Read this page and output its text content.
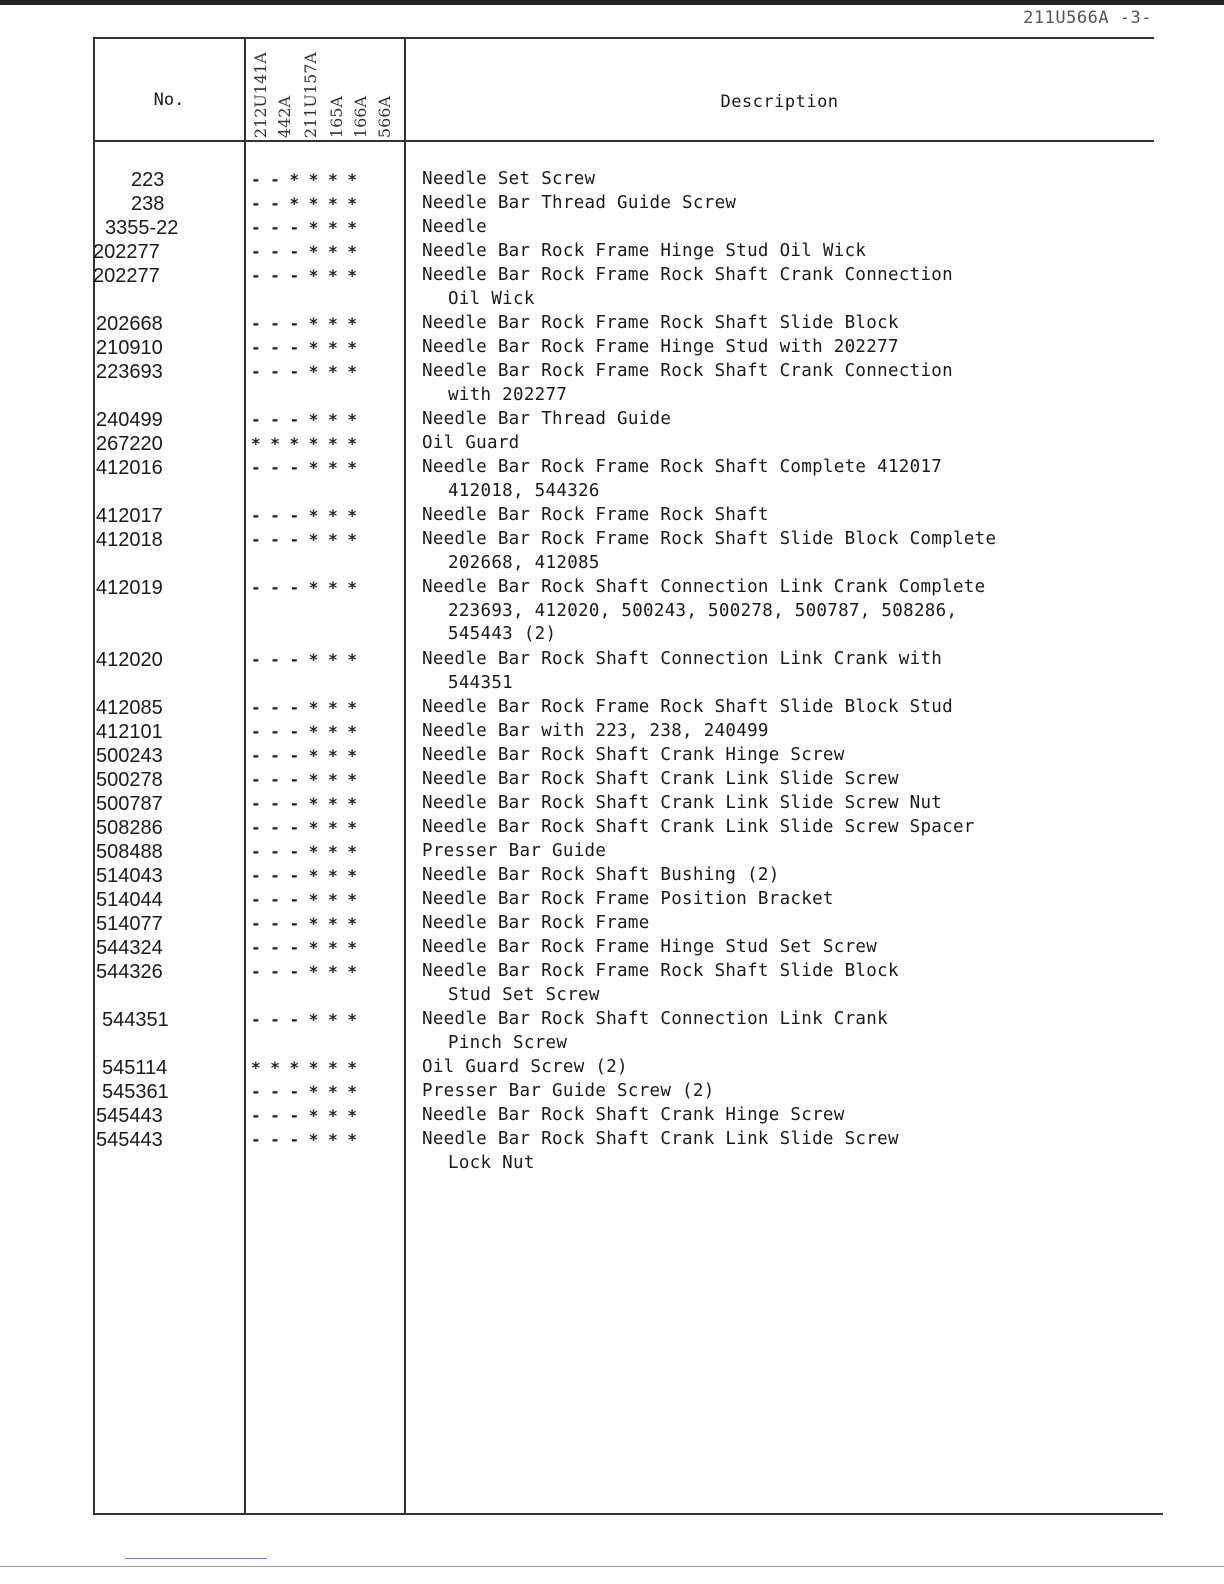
211U566A -3-
No.	Description
212U141A 442A 211U157A 165A 166A 566A
223	- - * * * *	Needle Set Screw
238	- - * * * *	Needle Bar Thread Guide Screw
3355-22	- - - * * *	Needle
202277	- - - * * *	Needle Bar Rock Frame Hinge Stud Oil Wick
202277	- - - * * *	Needle Bar Rock Frame Rock Shaft Crank Connection
Oil Wick
202668	- - - * * *	Needle Bar Rock Frame Rock Shaft Slide Block
210910	- - - * * *	Needle Bar Rock Frame Hinge Stud with 202277
223693	- - - * * *	Needle Bar Rock Frame Rock Shaft Crank Connection
with 202277
240499	- - - * * *	Needle Bar Thread Guide
267220	* * * * * *	Oil Guard
412016	- - - * * *	Needle Bar Rock Frame Rock Shaft Complete 412017
412018, 544326
412017	- - - * * *	Needle Bar Rock Frame Rock Shaft
412018	- - - * * *	Needle Bar Rock Frame Rock Shaft Slide Block Complete
202668, 412085
412019	- - - * * *	Needle Bar Rock Shaft Connection Link Crank Complete
223693, 412020, 500243, 500278, 500787, 508286,
545443 (2)
412020	- - - * * *	Needle Bar Rock Shaft Connection Link Crank with
544351
412085	- - - * * *	Needle Bar Rock Frame Rock Shaft Slide Block Stud
412101	- - - * * *	Needle Bar with 223, 238, 240499
500243	- - - * * *	Needle Bar Rock Shaft Crank Hinge Screw
500278	- - - * * *	Needle Bar Rock Shaft Crank Link Slide Screw
500787	- - - * * *	Needle Bar Rock Shaft Crank Link Slide Screw Nut
508286	- - - * * *	Needle Bar Rock Shaft Crank Link Slide Screw Spacer
508488	- - - * * *	Presser Bar Guide
514043	- - - * * *	Needle Bar Rock Shaft Bushing (2)
514044	- - - * * *	Needle Bar Rock Frame Position Bracket
514077	- - - * * *	Needle Bar Rock Frame
544324	- - - * * *	Needle Bar Rock Frame Hinge Stud Set Screw
544326	- - - * * *	Needle Bar Rock Frame Rock Shaft Slide Block
Stud Set Screw
544351	- - - * * *	Needle Bar Rock Shaft Connection Link Crank
Pinch Screw
545114	* * * * * *	Oil Guard Screw (2)
545361	- - - * * *	Presser Bar Guide Screw (2)
545443	- - - * * *	Needle Bar Rock Shaft Crank Hinge Screw
545443	- - - * * *	Needle Bar Rock Shaft Crank Link Slide Screw
Lock Nut
